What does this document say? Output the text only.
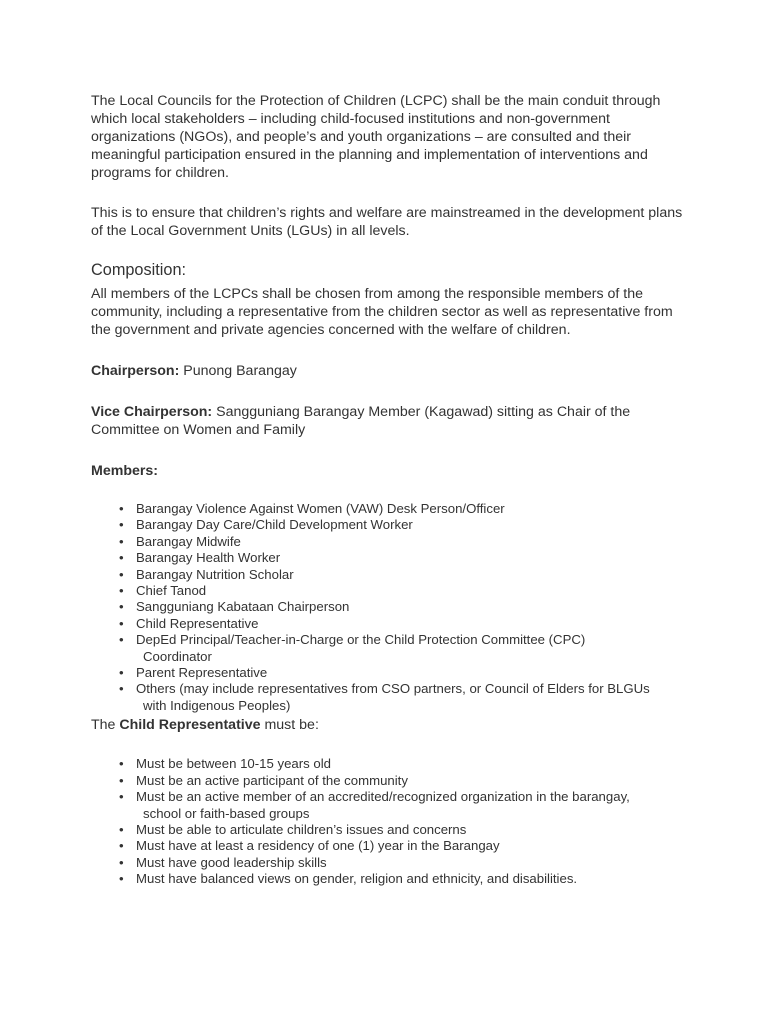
The Local Councils for the Protection of Children (LCPC) shall be the main conduit through which local stakeholders – including child-focused institutions and non-government organizations (NGOs), and people’s and youth organizations – are consulted and their meaningful participation ensured in the planning and implementation of interventions and programs for children.

This is to ensure that children’s rights and welfare are mainstreamed in the development plans of the Local Government Units (LGUs) in all levels.

Composition:

All members of the LCPCs shall be chosen from among the responsible members of the community, including a representative from the children sector as well as representative from the government and private agencies concerned with the welfare of children.

Chairperson: Punong Barangay

Vice Chairperson: Sangguniang Barangay Member (Kagawad) sitting as Chair of the Committee on Women and Family

Members:

• Barangay Violence Against Women (VAW) Desk Person/Officer
• Barangay Day Care/Child Development Worker
• Barangay Midwife
• Barangay Health Worker
• Barangay Nutrition Scholar
• Chief Tanod
• Sangguniang Kabataan Chairperson
• Child Representative
• DepEd Principal/Teacher-in-Charge or the Child Protection Committee (CPC)
Coordinator
• Parent Representative
• Others (may include representatives from CSO partners, or Council of Elders for BLGUs
with Indigenous Peoples)

The Child Representative must be:

• Must be between 10-15 years old
• Must be an active participant of the community
• Must be an active member of an accredited/recognized organization in the barangay,
school or faith-based groups
• Must be able to articulate children’s issues and concerns
• Must have at least a residency of one (1) year in the Barangay
• Must have good leadership skills
• Must have balanced views on gender, religion and ethnicity, and disabilities.
